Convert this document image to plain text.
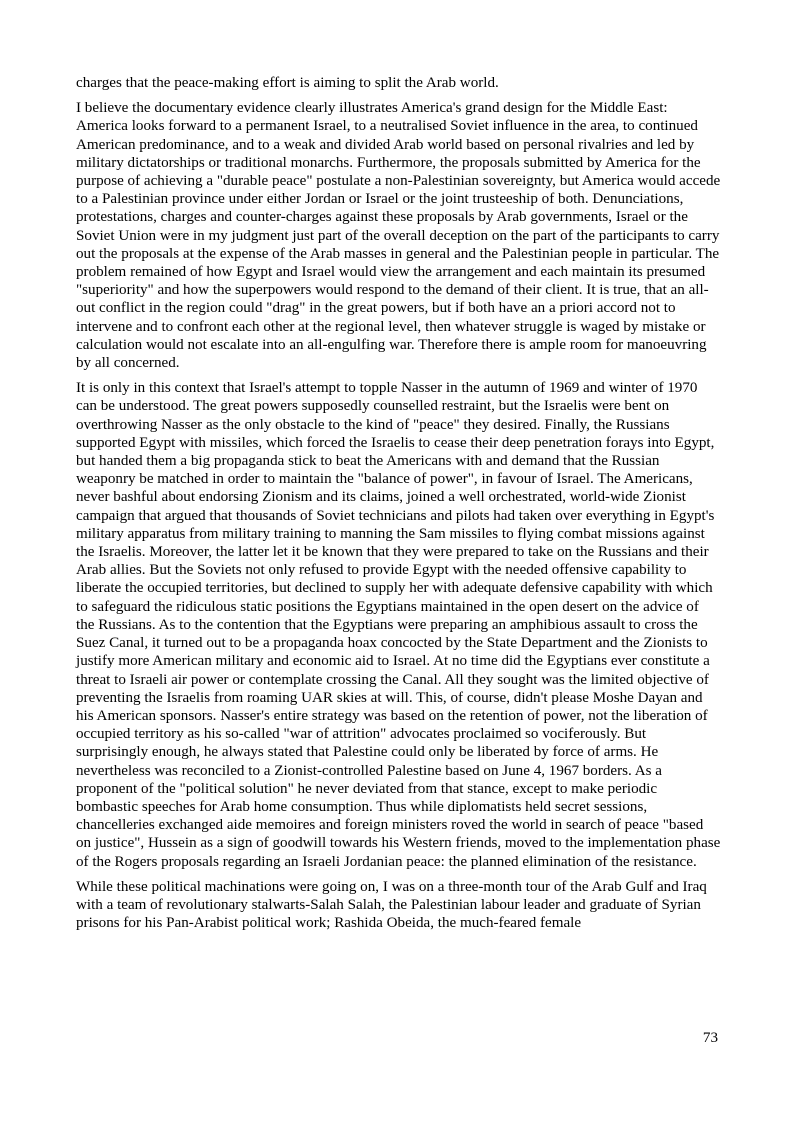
charges that the peace-making effort is aiming to split the Arab world.

I believe the documentary evidence clearly illustrates America's grand design for the Middle East: America looks forward to a permanent Israel, to a neutralised Soviet influence in the area, to continued American predominance, and to a weak and divided Arab world based on personal rivalries and led by military dictatorships or traditional monarchs. Furthermore, the proposals submitted by America for the purpose of achieving a "durable peace" postulate a non-Palestinian sovereignty, but America would accede to a Palestinian province under either Jordan or Israel or the joint trusteeship of both. Denunciations, protestations, charges and counter-charges against these proposals by Arab governments, Israel or the Soviet Union were in my judgment just part of the overall deception on the part of the participants to carry out the proposals at the expense of the Arab masses in general and the Palestinian people in particular. The problem remained of how Egypt and Israel would view the arrangement and each maintain its presumed "superiority" and how the superpowers would respond to the demand of their client. It is true, that an all-out conflict in the region could "drag" in the great powers, but if both have an a priori accord not to intervene and to confront each other at the regional level, then whatever struggle is waged by mistake or calculation would not escalate into an all-engulfing war. Therefore there is ample room for manoeuvring by all concerned.

It is only in this context that Israel's attempt to topple Nasser in the autumn of 1969 and winter of 1970 can be understood. The great powers supposedly counselled restraint, but the Israelis were bent on overthrowing Nasser as the only obstacle to the kind of "peace" they desired. Finally, the Russians supported Egypt with missiles, which forced the Israelis to cease their deep penetration forays into Egypt, but handed them a big propaganda stick to beat the Americans with and demand that the Russian weaponry be matched in order to maintain the "balance of power", in favour of Israel. The Americans, never bashful about endorsing Zionism and its claims, joined a well orchestrated, world-wide Zionist campaign that argued that thousands of Soviet technicians and pilots had taken over everything in Egypt's military apparatus from military training to manning the Sam missiles to flying combat missions against the Israelis. Moreover, the latter let it be known that they were prepared to take on the Russians and their Arab allies. But the Soviets not only refused to provide Egypt with the needed offensive capability to liberate the occupied territories, but declined to supply her with adequate defensive capability with which to safeguard the ridiculous static positions the Egyptians maintained in the open desert on the advice of the Russians. As to the contention that the Egyptians were preparing an amphibious assault to cross the Suez Canal, it turned out to be a propaganda hoax concocted by the State Department and the Zionists to justify more American military and economic aid to Israel. At no time did the Egyptians ever constitute a threat to Israeli air power or contemplate crossing the Canal. All they sought was the limited objective of preventing the Israelis from roaming UAR skies at will. This, of course, didn't please Moshe Dayan and his American sponsors. Nasser's entire strategy was based on the retention of power, not the liberation of occupied territory as his so-called "war of attrition" advocates proclaimed so vociferously. But surprisingly enough, he always stated that Palestine could only be liberated by force of arms. He nevertheless was reconciled to a Zionist-controlled Palestine based on June 4, 1967 borders. As a proponent of the "political solution" he never deviated from that stance, except to make periodic bombastic speeches for Arab home consumption. Thus while diplomatists held secret sessions, chancelleries exchanged aide memoires and foreign ministers roved the world in search of peace "based on justice", Hussein as a sign of goodwill towards his Western friends, moved to the implementation phase of the Rogers proposals regarding an Israeli Jordanian peace: the planned elimination of the resistance.

While these political machinations were going on, I was on a three-month tour of the Arab Gulf and Iraq with a team of revolutionary stalwarts-Salah Salah, the Palestinian labour leader and graduate of Syrian prisons for his Pan-Arabist political work; Rashida Obeida, the much-feared female

73
